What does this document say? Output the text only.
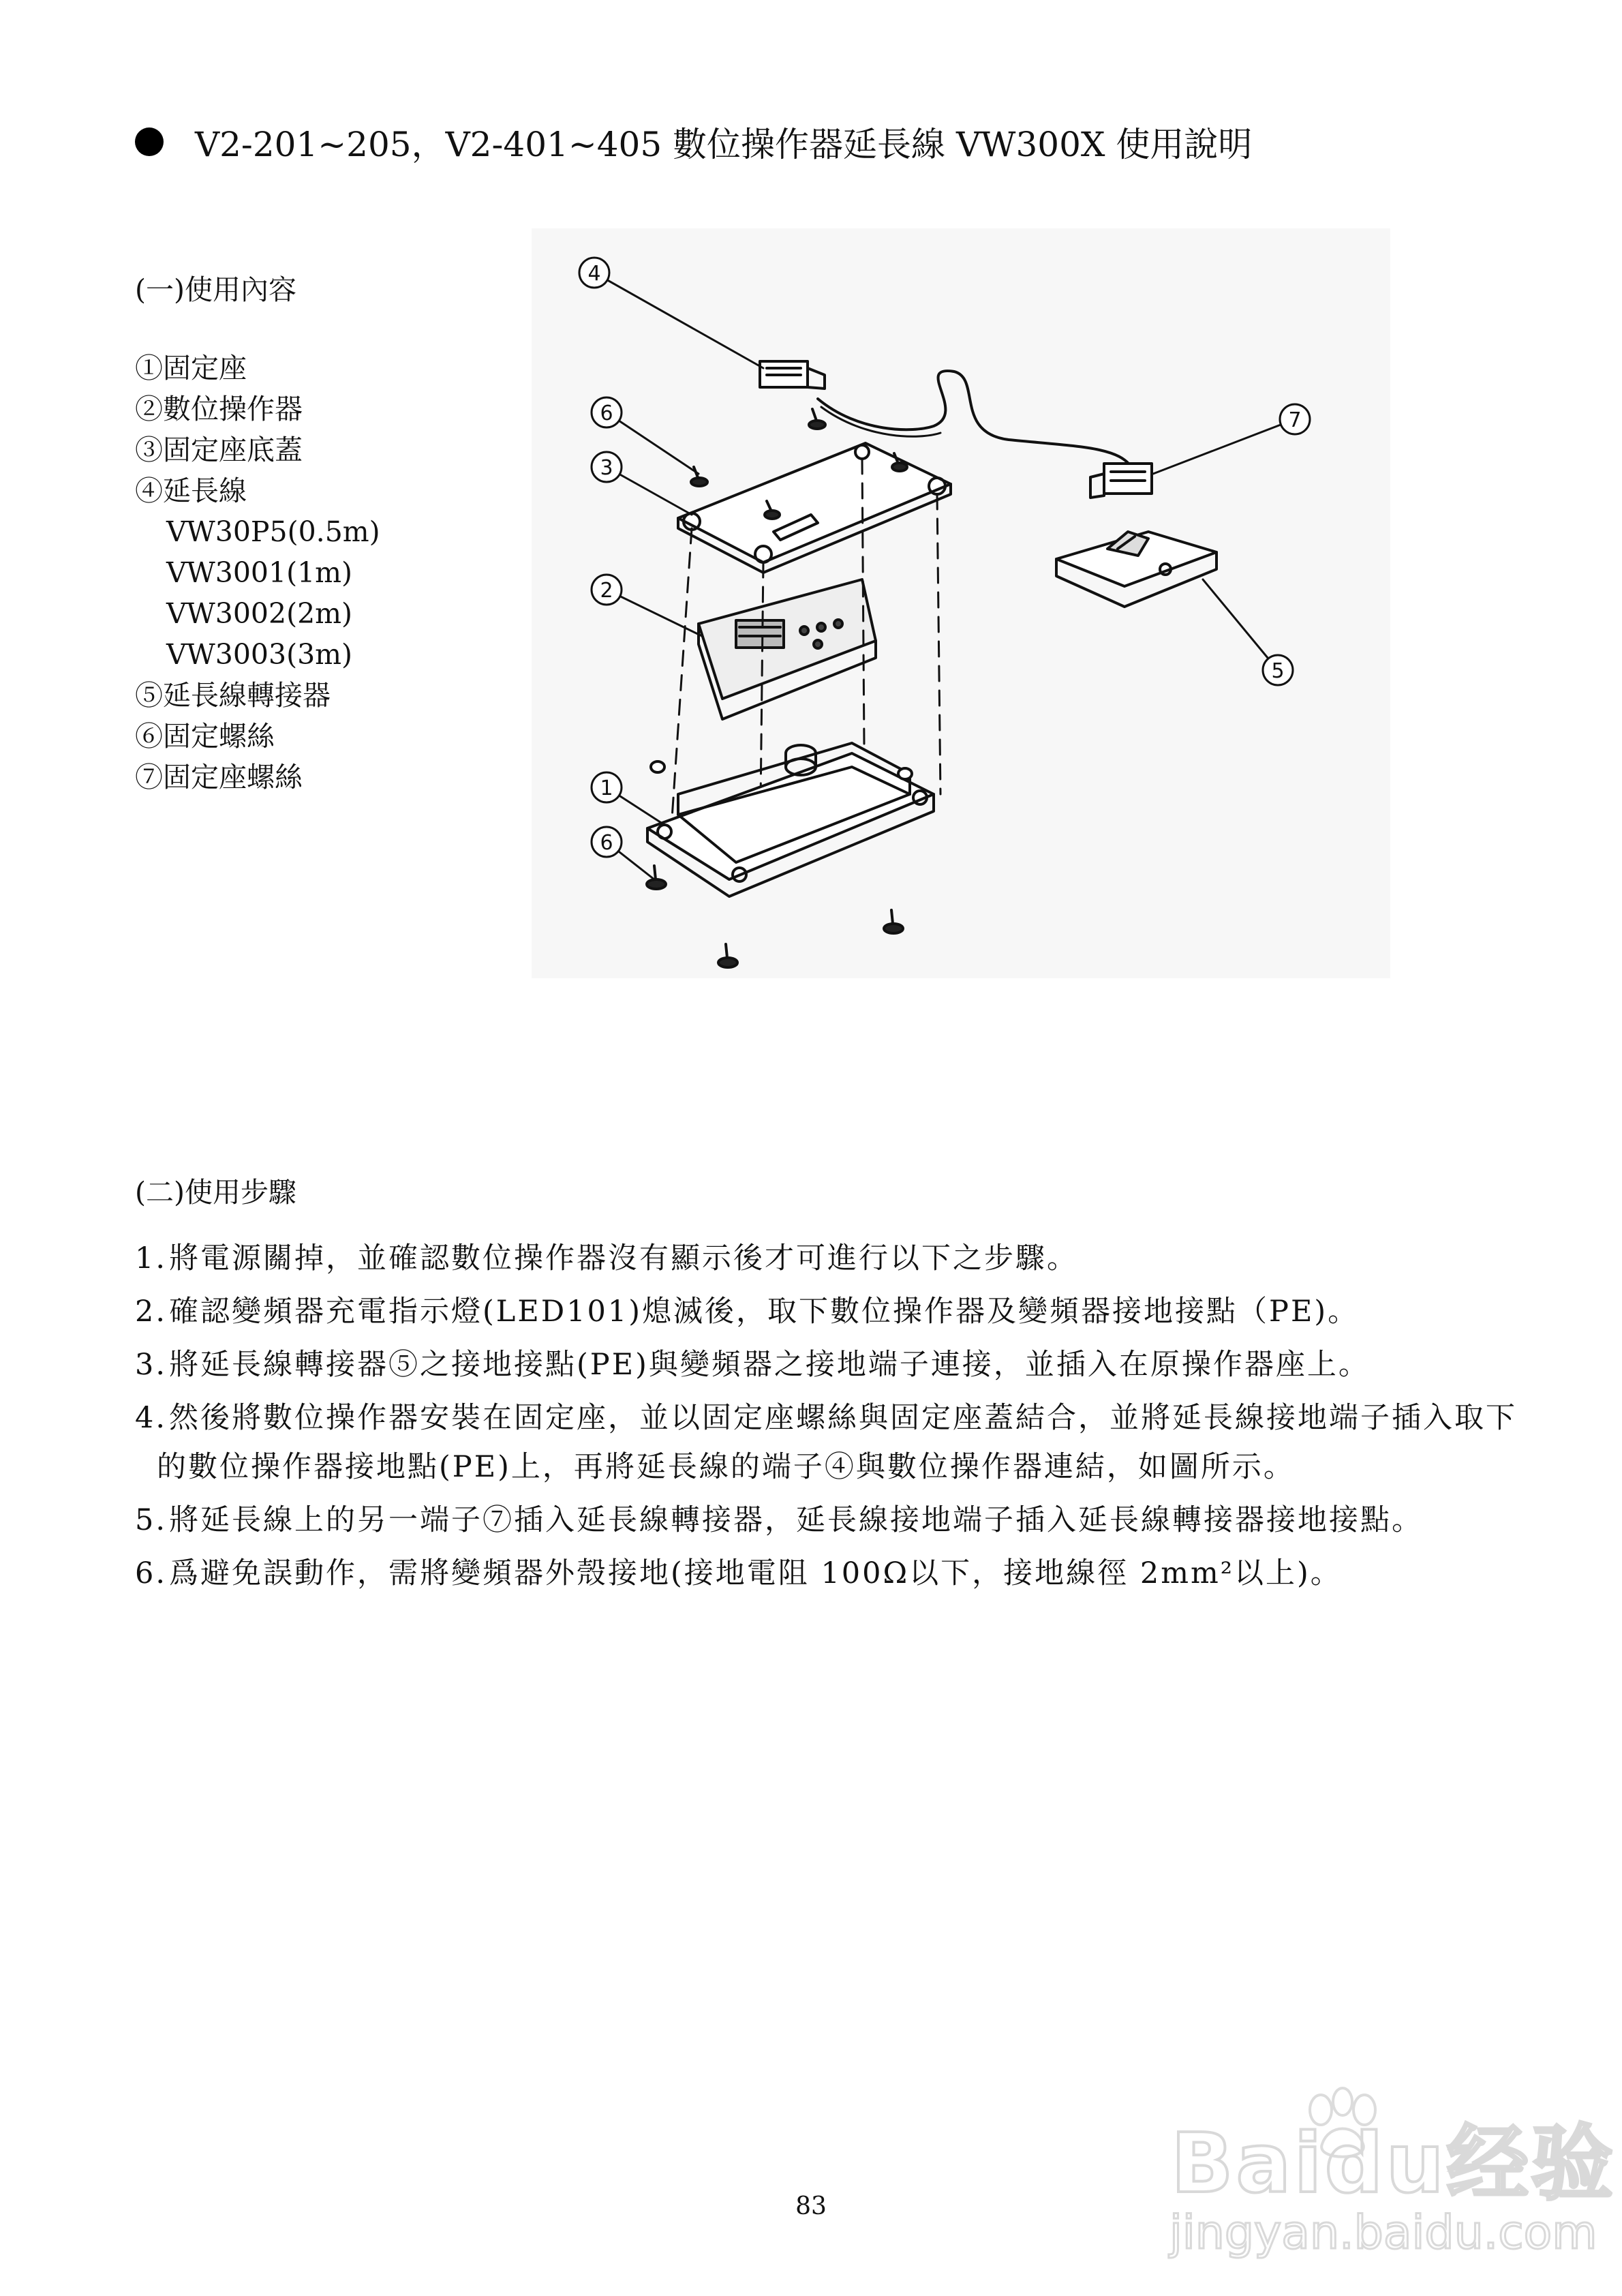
V2-201~205，V2-401~405 數位操作器延長線 VW300X 使用說明
(一)使用內容
①固定座
②數位操作器
③固定座底蓋
④延長線
VW30P5(0.5m)
VW3001(1m)
VW3002(2m)
VW3003(3m)
⑤延長線轉接器
⑥固定螺絲
⑦固定座螺絲
4
6
3
2
1
6
7
5
(二)使用步驟
1. 將電源關掉，並確認數位操作器沒有顯示後才可進行以下之步驟。
2. 確認變頻器充電指示燈(LED101)熄滅後，取下數位操作器及變頻器接地接點（PE)。
3. 將延長線轉接器⑤之接地接點(PE)與變頻器之接地端子連接，並插入在原操作器座上。
4. 然後將數位操作器安裝在固定座，並以固定座螺絲與固定座蓋結合，並將延長線接地端子插入取下的數位操作器接地點(PE)上，再將延長線的端子④與數位操作器連結，如圖所示。
5. 將延長線上的另一端子⑦插入延長線轉接器，延長線接地端子插入延長線轉接器接地接點。
6. 爲避免誤動作，需將變頻器外殼接地(接地電阻 100Ω以下，接地線徑 2mm²以上)。
83	Baidu经验
jingyan.baidu.com
